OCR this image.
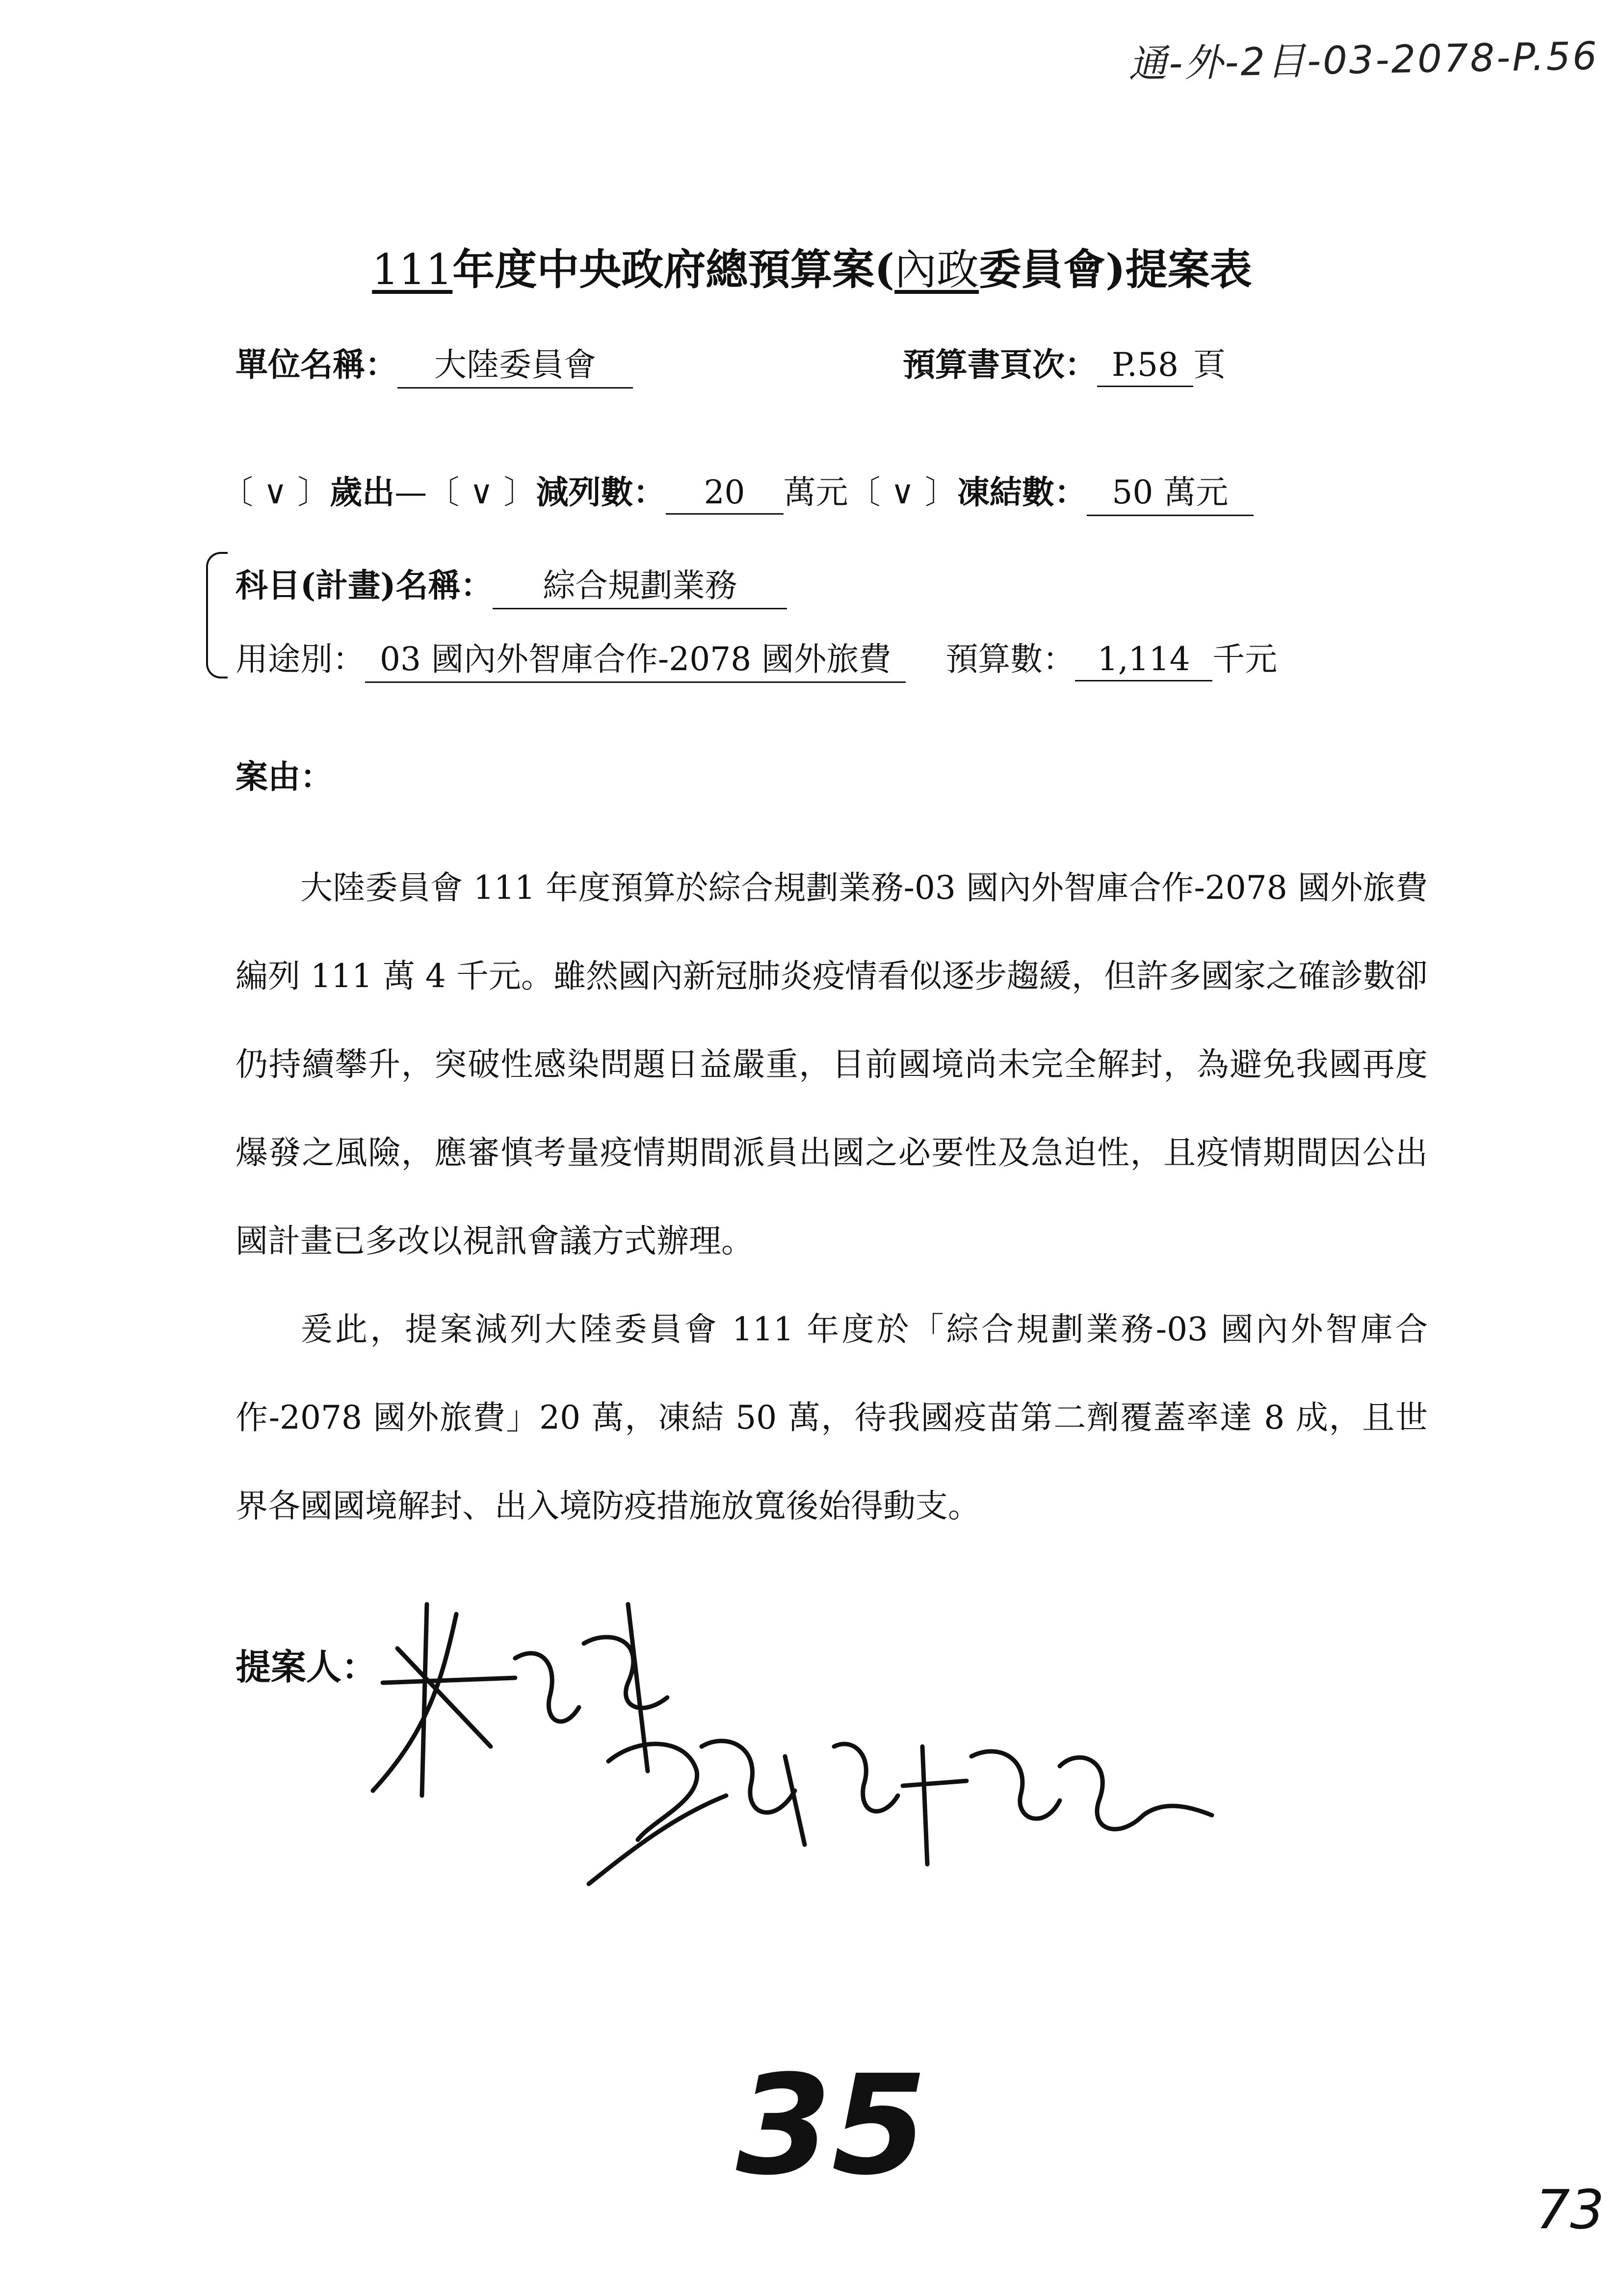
通-外-2目-03-2078-P.56
111年度中央政府總預算案(內政委員會)提案表
單位名稱： 大陸委員會	預算書頁次： P.58 頁
〔 ∨ 〕歲出—〔 ∨ 〕減列數： 20 萬元〔 ∨ 〕凍結數： 50 萬元
科目(計畫)名稱： 綜合規劃業務
用途別： 03 國內外智庫合作-2078 國外旅費 預算數： 1,114 千元
案由：

大陸委員會 111 年度預算於綜合規劃業務-03 國內外智庫合作-2078 國外旅費編列 111 萬 4 千元。雖然國內新冠肺炎疫情看似逐步趨緩，但許多國家之確診數卻仍持續攀升，突破性感染問題日益嚴重，目前國境尚未完全解封，為避免我國再度爆發之風險，應審慎考量疫情期間派員出國之必要性及急迫性，且疫情期間因公出國計畫已多改以視訊會議方式辦理。

爰此，提案減列大陸委員會 111 年度於「綜合規劃業務-03 國內外智庫合作-2078 國外旅費」20 萬，凍結 50 萬，待我國疫苗第二劑覆蓋率達 8 成，且世界各國國境解封、出入境防疫措施放寬後始得動支。

提案人：
35
73
